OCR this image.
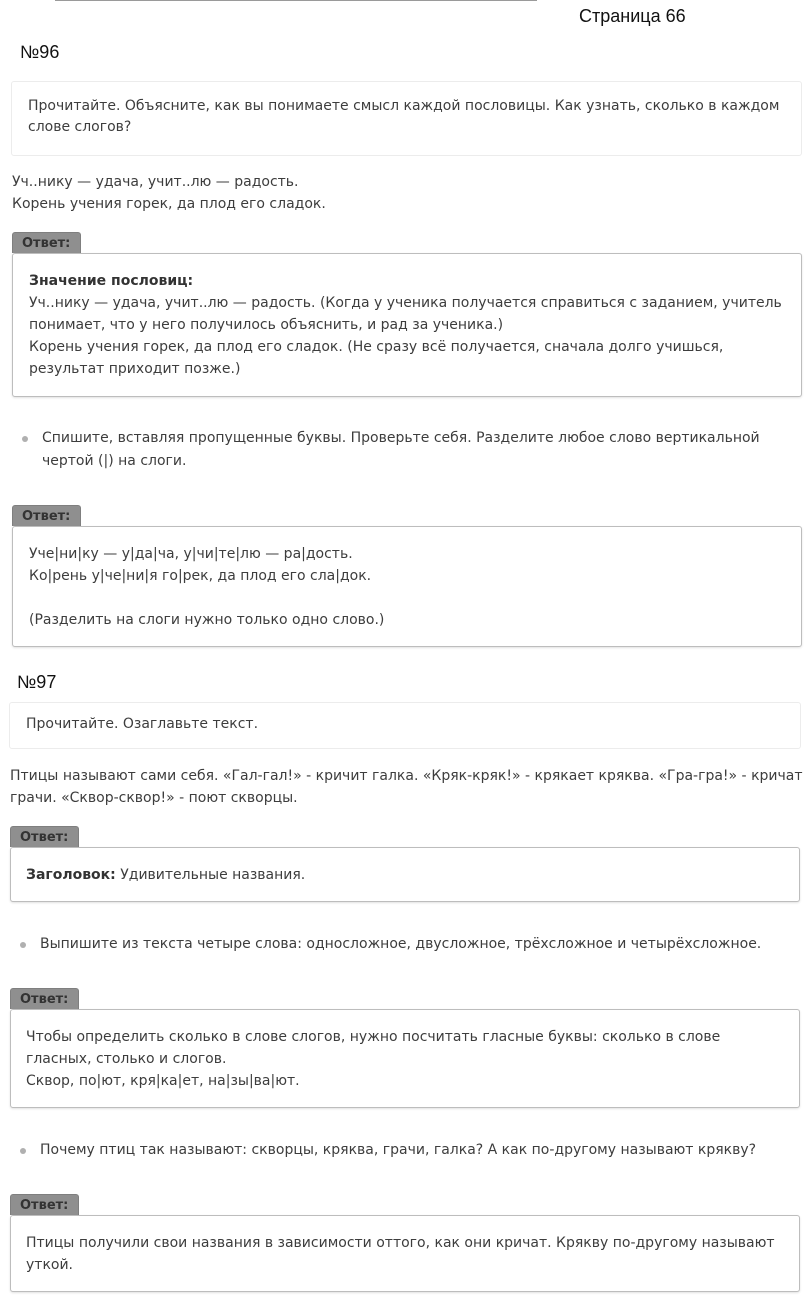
Страница 66
№96
Прочитайте. Объясните, как вы понимаете смысл каждой пословицы. Как узнать, сколько в каждом слове слогов?
Уч..нику — удача, учит..лю — радость.
Корень учения горек, да плод его сладок.
Ответ:
Значение пословиц:
Уч..нику — удача, учит..лю — радость. (Когда у ученика получается справиться с заданием, учитель
понимает, что у него получилось объяснить, и рад за ученика.)
Корень учения горек, да плод его сладок. (Не сразу всё получается, сначала долго учишься,
результат приходит позже.)
Спишите, вставляя пропущенные буквы. Проверьте себя. Разделите любое слово вертикальной
чертой (|) на слоги.
Ответ:
Уче|ни|ку — у|да|ча, у|чи|те|лю — ра|дость.
Ко|рень у|че|ни|я го|рек, да плод его сла|док.
(Разделить на слоги нужно только одно слово.)
№97
Прочитайте. Озаглавьте текст.
Птицы называют сами себя. «Гал-гал!» - кричит галка. «Кряк-кряк!» - крякает кряква. «Гра-гра!» - кричат
грачи. «Сквор-сквор!» - поют скворцы.
Ответ:
Заголовок: Удивительные названия.
Выпишите из текста четыре слова: односложное, двусложное, трёхсложное и четырёхсложное.
Ответ:
Чтобы определить сколько в слове слогов, нужно посчитать гласные буквы: сколько в слове
гласных, столько и слогов.
Сквор, по|ют, кря|ка|ет, на|зы|ва|ют.
Почему птиц так называют: скворцы, кряква, грачи, галка? А как по-другому называют крякву?
Ответ:
Птицы получили свои названия в зависимости оттого, как они кричат. Крякву по-другому называют
уткой.
